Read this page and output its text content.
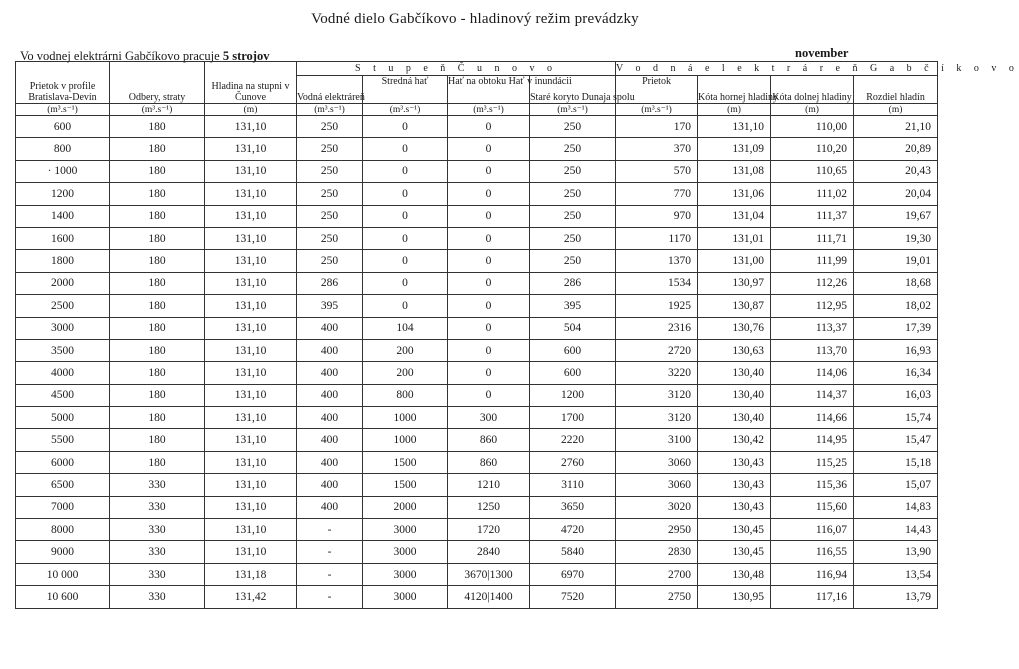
Vodné dielo Gabčíkovo - hladinový režim prevádzky
Vo vodnej elektrárni Gabčíkovo pracuje 5 strojov	november
Prietok v profile Bratislava-Devín	Odbery, straty	Hladina na stupni v Čunove	S t u p e ň Č u n o v o				V o d n á e l e k t r á r e ň G a b č í k o v o			
			Vodná elektráreň	Stredná hať	Hať na obtoku Hať v inundácii	Staré koryto Dunaja spolu	Prietok	Kóta hornej hladiny	Kóta dolnej hladiny	Rozdiel hladín
(m³.s⁻¹)	(m³.s⁻¹)	(m)	(m³.s⁻¹)	(m³.s⁻¹)	(m³.s⁻¹)	(m³.s⁻¹)	(m³.s⁻¹)	(m)	(m)	(m)
600	180	131,10	250	0	0	250	170	131,10	110,00	21,10
800	180	131,10	250	0	0	250	370	131,09	110,20	20,89
· 1000	180	131,10	250	0	0	250	570	131,08	110,65	20,43
1200	180	131,10	250	0	0	250	770	131,06	111,02	20,04
1400	180	131,10	250	0	0	250	970	131,04	111,37	19,67
1600	180	131,10	250	0	0	250	1170	131,01	111,71	19,30
1800	180	131,10	250	0	0	250	1370	131,00	111,99	19,01
2000	180	131,10	286	0	0	286	1534	130,97	112,26	18,68
2500	180	131,10	395	0	0	395	1925	130,87	112,95	18,02
3000	180	131,10	400	104	0	504	2316	130,76	113,37	17,39
3500	180	131,10	400	200	0	600	2720	130,63	113,70	16,93
4000	180	131,10	400	200	0	600	3220	130,40	114,06	16,34
4500	180	131,10	400	800	0	1200	3120	130,40	114,37	16,03
5000	180	131,10	400	1000	300	1700	3120	130,40	114,66	15,74
5500	180	131,10	400	1000	860	2220	3100	130,42	114,95	15,47
6000	180	131,10	400	1500	860	2760	3060	130,43	115,25	15,18
6500	330	131,10	400	1500	1210	3110	3060	130,43	115,36	15,07
7000	330	131,10	400	2000	1250	3650	3020	130,43	115,60	14,83
8000	330	131,10	-	3000	1720	4720	2950	130,45	116,07	14,43
9000	330	131,10	-	3000	2840	5840	2830	130,45	116,55	13,90
10 000	330	131,18	-	3000	3670|1300	6970	2700	130,48	116,94	13,54
10 600	330	131,42	-	3000	4120|1400	7520	2750	130,95	117,16	13,79
